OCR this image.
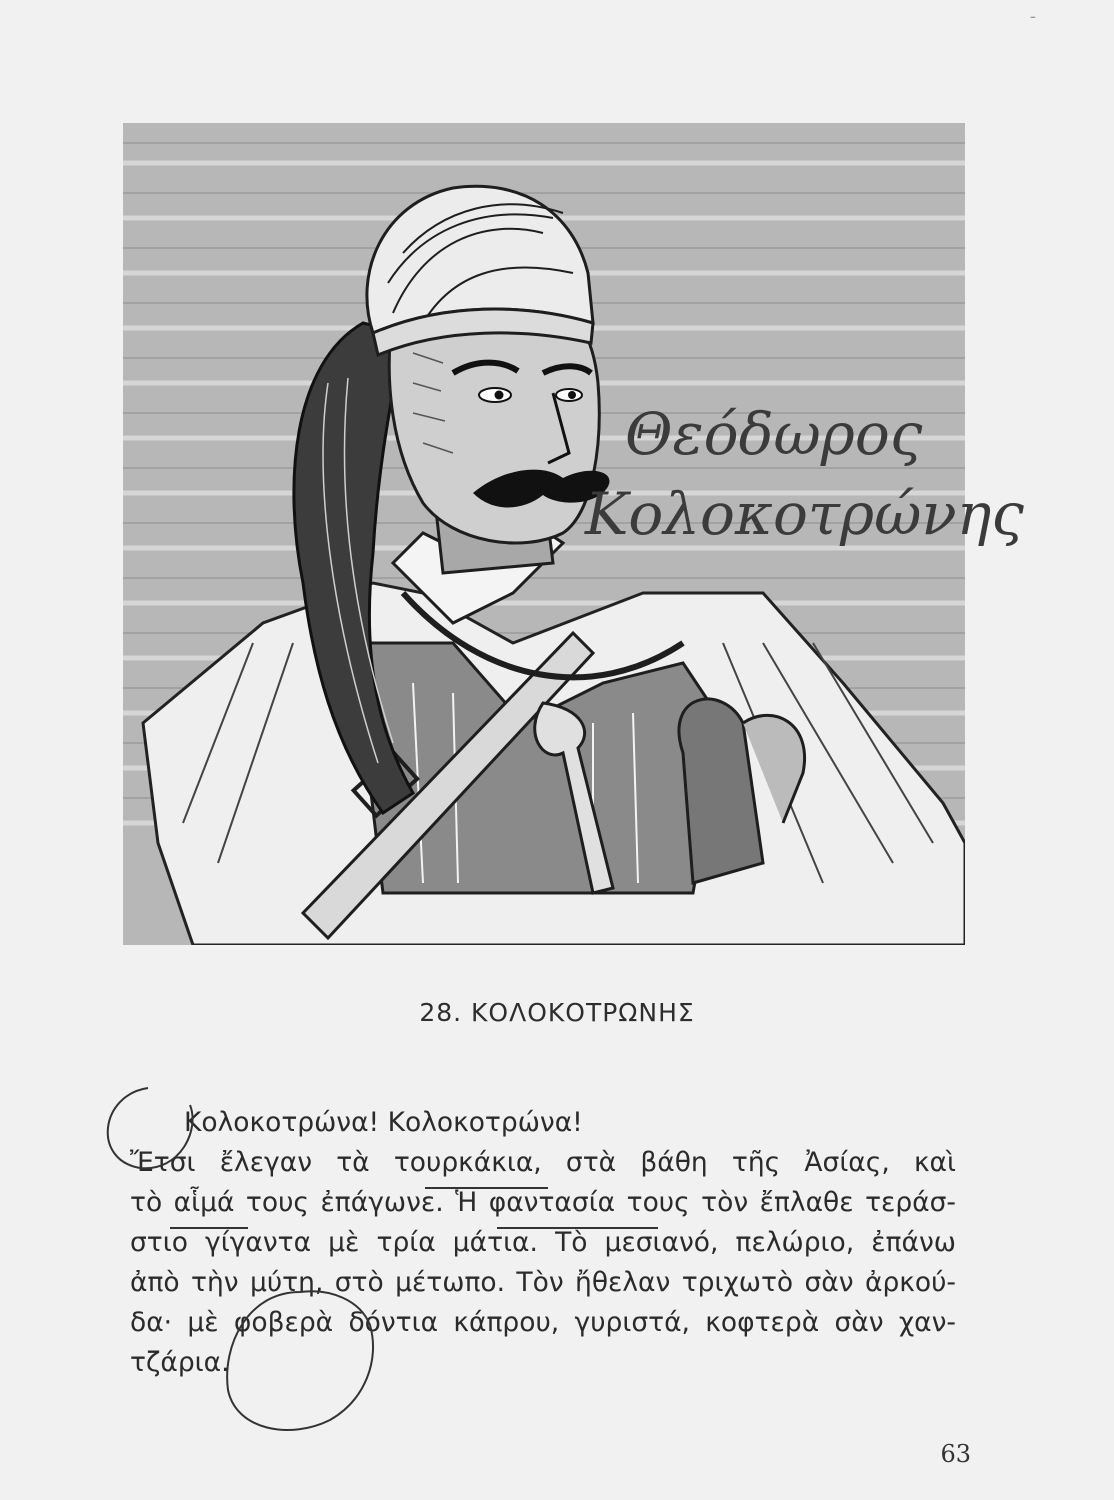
-
Θεόδωρος
Κολοκοτρώνης
28. ΚΟΛΟΚΟΤΡΩΝΗΣ
Κολοκοτρώνα! Κολοκοτρώνα!
Ἔτσι ἔλεγαν τὰ τουρκάκια, στὰ βάθη τῆς Ἀσίας, καὶ
τὸ αἷμά τους ἐπάγωνε. Ἡ φαντασία τους τὸν ἔπλαθε τεράσ-
στιο γίγαντα μὲ τρία μάτια. Τὸ μεσιανό, πελώριο, ἐπάνω
ἀπὸ τὴν μύτη, στὸ μέτωπο. Τὸν ἤθελαν τριχωτὸ σὰν ἀρκού-
δα· μὲ φοβερὰ δόντια κάπρου, γυριστά, κοφτερὰ σὰν χαν-
τζάρια.
63
